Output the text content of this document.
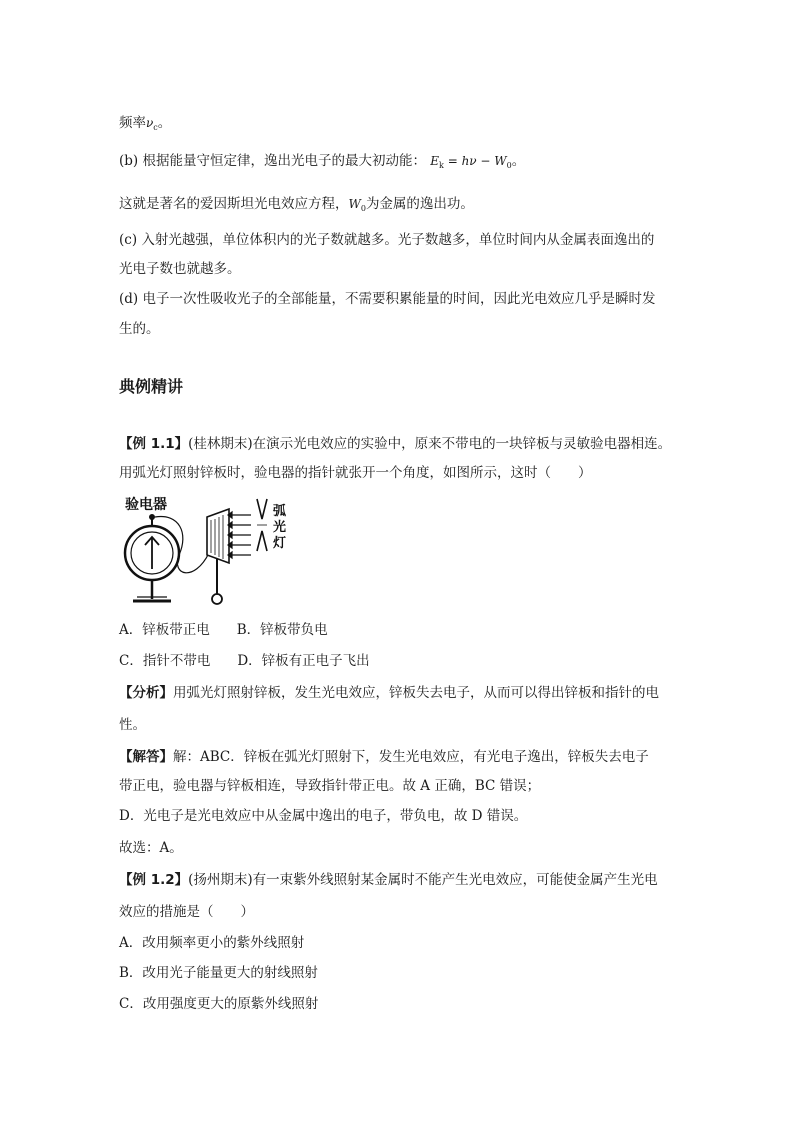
频率$\nu_c$。
(b) 根据能量守恒定律，逸出光电子的最大初动能： $E_k = h\nu - W_0$。
这就是著名的爱因斯坦光电效应方程，$W_0$为金属的逸出功。
(c) 入射光越强，单位体积内的光子数就越多。光子数越多，单位时间内从金属表面逸出的
光电子数也就越多。
(d) 电子一次性吸收光子的全部能量，不需要积累能量的时间，因此光电效应几乎是瞬时发
生的。
典例精讲
【例 1.1】(桂林期末)在演示光电效应的实验中，原来不带电的一块锌板与灵敏验电器相连。
用弧光灯照射锌板时，验电器的指针就张开一个角度，如图所示，这时（　　）
验电器	弧
光
灯
A．锌板带正电　　 B．锌板带负电
C．指针不带电　　 D．锌板有正电子飞出
【分析】用弧光灯照射锌板，发生光电效应，锌板失去电子，从而可以得出锌板和指针的电
性。
【解答】解：ABC．锌板在弧光灯照射下，发生光电效应，有光电子逸出，锌板失去电子
带正电，验电器与锌板相连，导致指针带正电。故 A 正确，BC 错误；
D．光电子是光电效应中从金属中逸出的电子，带负电，故 D 错误。
故选：A。
【例 1.2】(扬州期末)有一束紫外线照射某金属时不能产生光电效应，可能使金属产生光电
效应的措施是（　　）
A．改用频率更小的紫外线照射
B．改用光子能量更大的射线照射
C．改用强度更大的原紫外线照射
